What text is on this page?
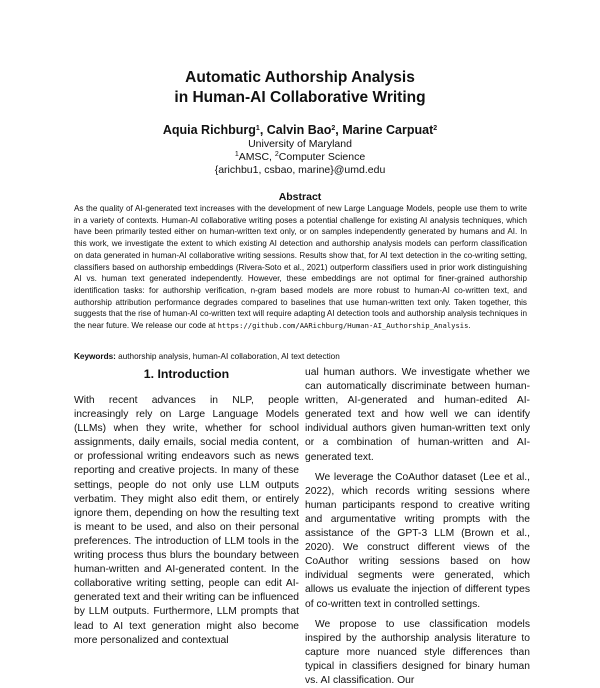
Automatic Authorship Analysis
in Human-AI Collaborative Writing
Aquia Richburg$^1$, Calvin Bao$^2$, Marine Carpuat$^2$
University of Maryland
$^1$AMSC, $^2$Computer Science
{arichbu1, csbao, marine}@umd.edu
Abstract
As the quality of AI-generated text increases with the development of new Large Language Models, people use them to write in a variety of contexts. Human-AI collaborative writing poses a potential challenge for existing AI analysis techniques, which have been primarily tested either on human-written text only, or on samples independently generated by humans and AI. In this work, we investigate the extent to which existing AI detection and authorship analysis models can perform classification on data generated in human-AI collaborative writing sessions. Results show that, for AI text detection in the co-writing setting, classifiers based on authorship embeddings (Rivera-Soto et al., 2021) outperform classifiers used in prior work distinguishing AI vs. human text generated independently. However, these embeddings are not optimal for finer-grained authorship identification tasks: for authorship verification, n-gram based models are more robust to human-AI co-written text, and authorship attribution performance degrades compared to baselines that use human-written text only. Taken together, this suggests that the rise of human-AI co-written text will require adapting AI detection tools and authorship analysis techniques in the near future. We release our code at https://github.com/AARichburg/Human-AI_Authorship_Analysis.
Keywords: authorship analysis, human-AI collaboration, AI text detection
1. Introduction

With recent advances in NLP, people increasingly rely on Large Language Models (LLMs) when they write, whether for school assignments, daily emails, social media content, or professional writing endeavors such as news reporting and creative projects. In many of these settings, people do not only use LLM outputs verbatim. They might also edit them, or entirely ignore them, depending on how the resulting text is meant to be used, and also on their personal preferences. The introduction of LLM tools in the writing process thus blurs the boundary between human-written and AI-generated content. In the collaborative writing setting, people can edit AI-generated text and their writing can be influenced by LLM outputs. Furthermore, LLM prompts that lead to AI text generation might also become more personalized and contextual

ual human authors. We investigate whether we can automatically discriminate between human-written, AI-generated and human-edited AI-generated text and how well we can identify individual authors given human-written text only or a combination of human-written and AI-generated text.

We leverage the CoAuthor dataset (Lee et al., 2022), which records writing sessions where human participants respond to creative writing and argumentative writing prompts with the assistance of the GPT-3 LLM (Brown et al., 2020). We construct different views of the CoAuthor writing sessions based on how individual segments were generated, which allows us evaluate the injection of different types of co-written text in controlled settings.

We propose to use classification models inspired by the authorship analysis literature to capture more nuanced style differences than typical in classifiers designed for binary human vs. AI classification. Our
